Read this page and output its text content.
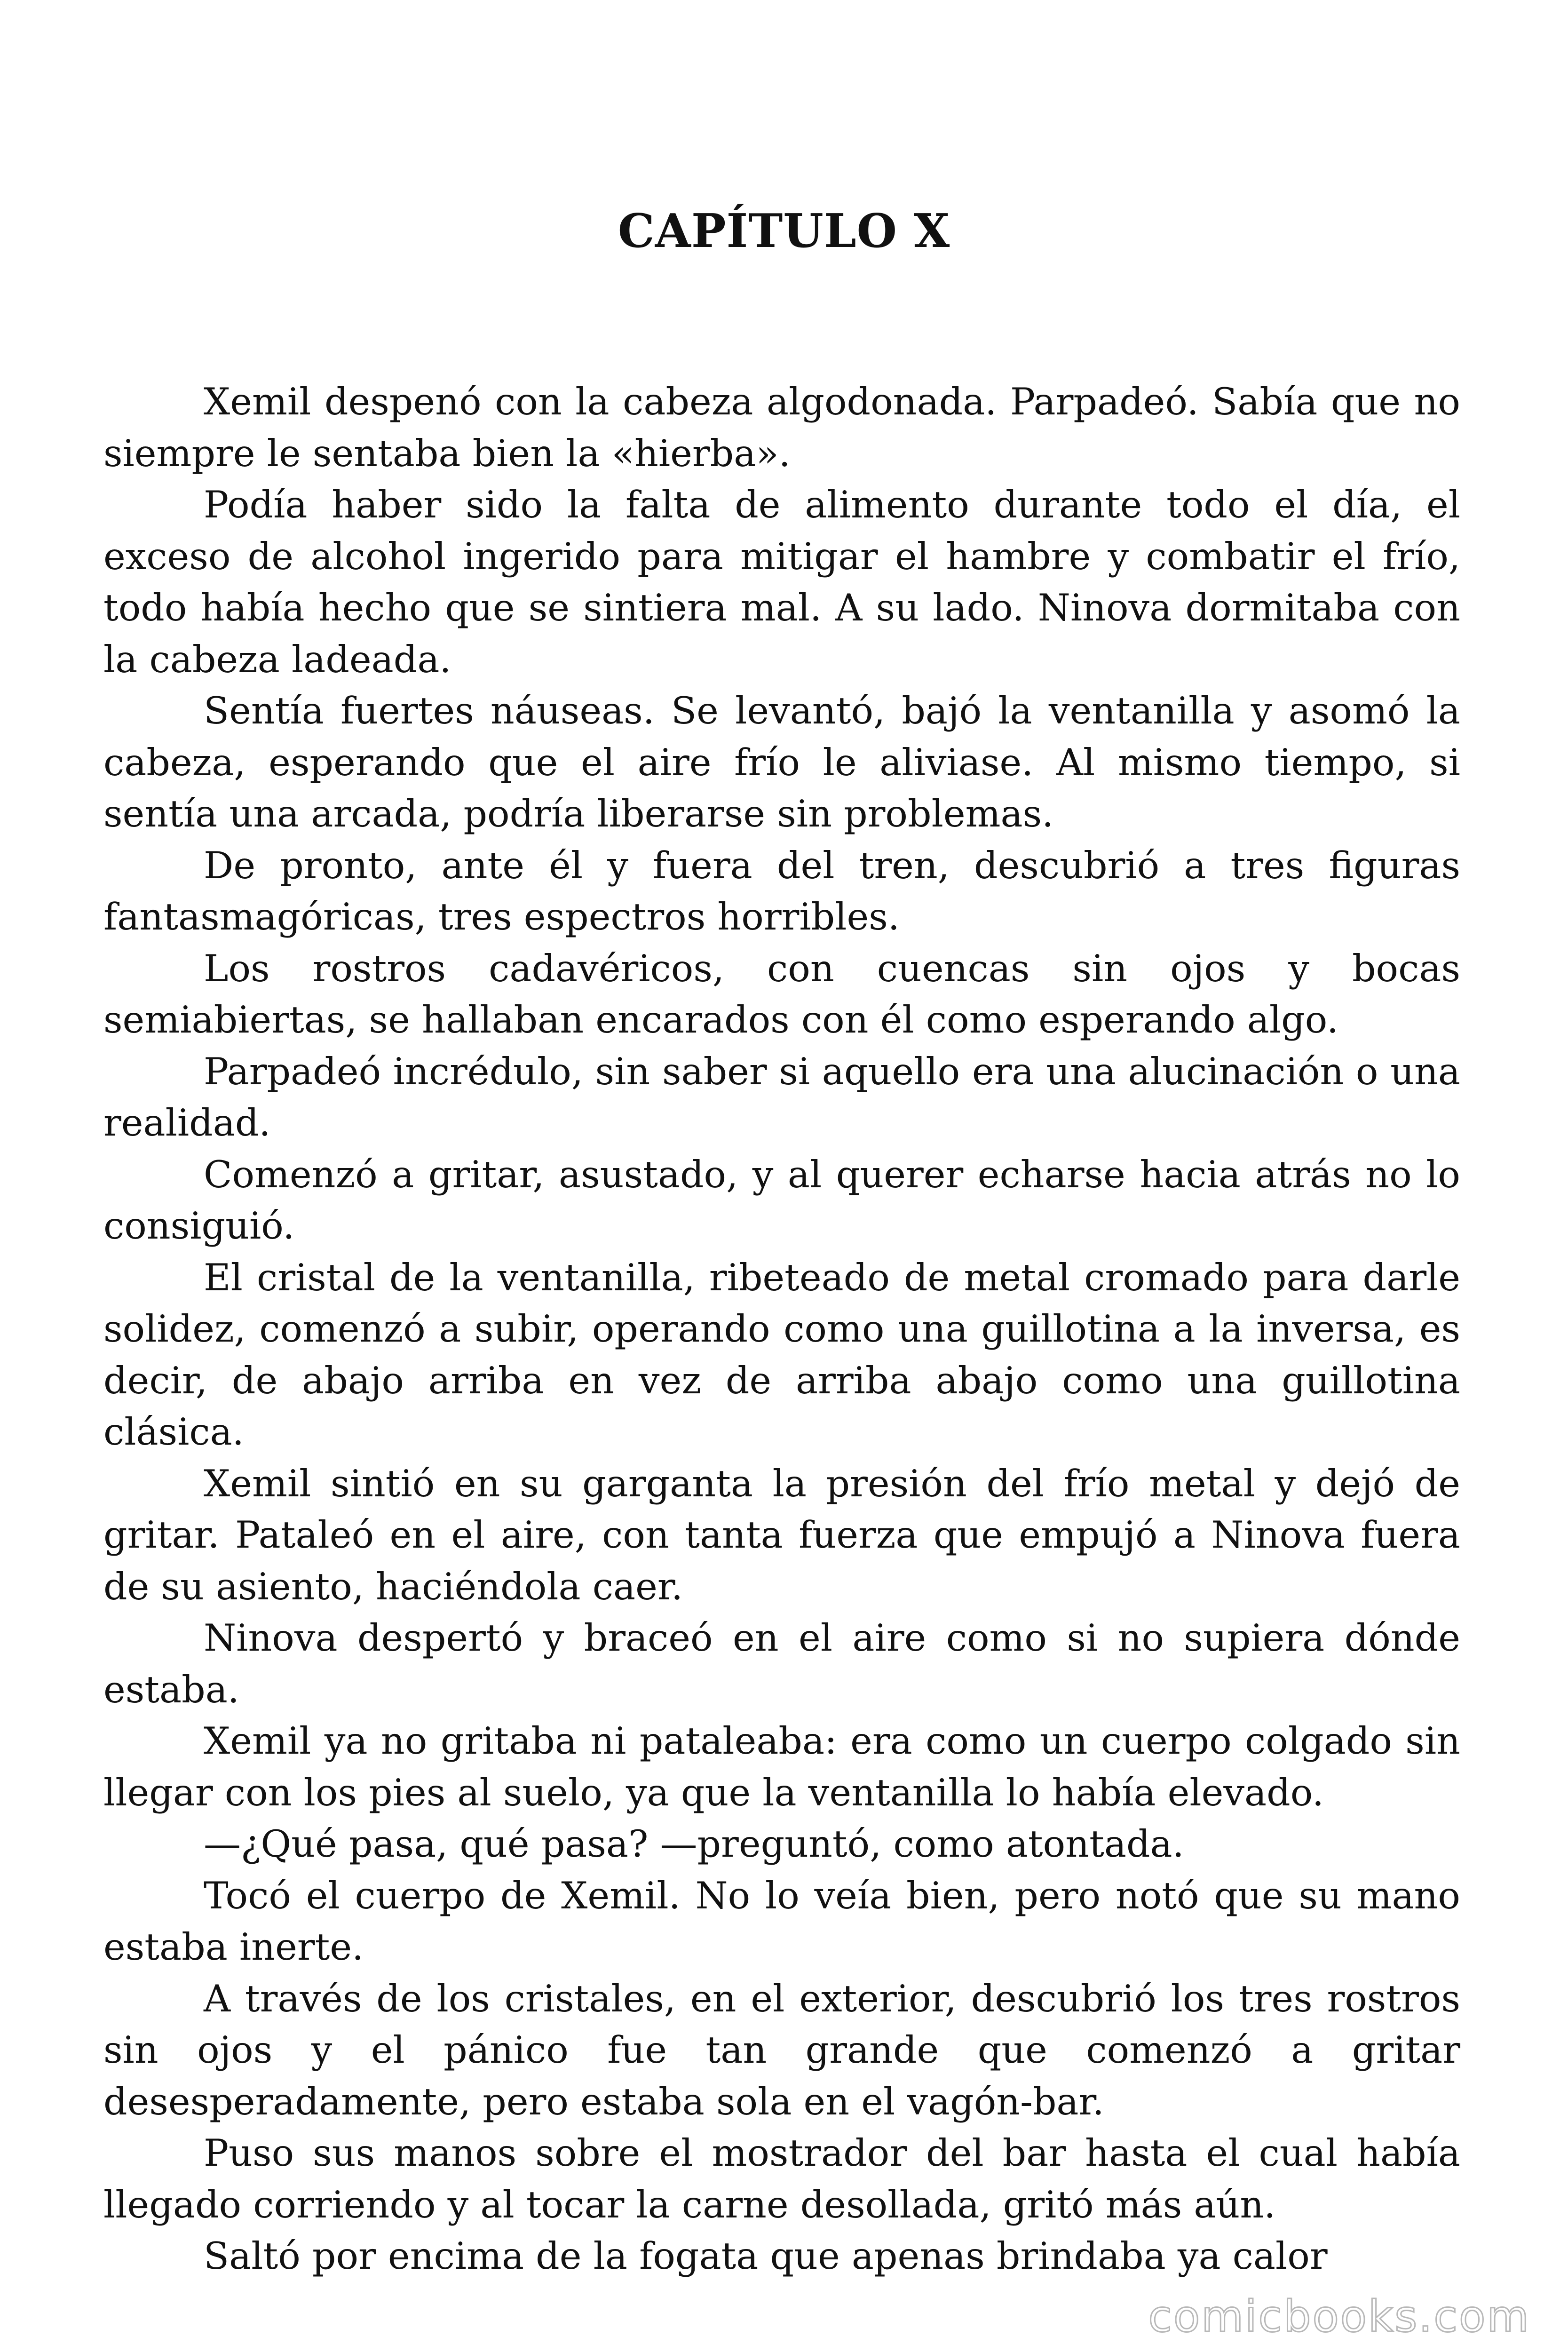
CAPÍTULO X

Xemil despenó con la cabeza algodonada. Parpadeó. Sabía que no siempre le sentaba bien la «hierba».

Podía haber sido la falta de alimento durante todo el día, el exceso de alcohol ingerido para mitigar el hambre y combatir el frío, todo había hecho que se sintiera mal. A su lado. Ninova dormitaba con la cabeza ladeada.

Sentía fuertes náuseas. Se levantó, bajó la ventanilla y asomó la cabeza, esperando que el aire frío le aliviase. Al mismo tiempo, si sentía una arcada, podría liberarse sin problemas.

De pronto, ante él y fuera del tren, descubrió a tres figuras fantasmagóricas, tres espectros horribles.

Los rostros cadavéricos, con cuencas sin ojos y bocas semiabiertas, se hallaban encarados con él como esperando algo.

Parpadeó incrédulo, sin saber si aquello era una alucinación o una realidad.

Comenzó a gritar, asustado, y al querer echarse hacia atrás no lo consiguió.

El cristal de la ventanilla, ribeteado de metal cromado para darle solidez, comenzó a subir, operando como una guillotina a la inversa, es decir, de abajo arriba en vez de arriba abajo como una guillotina clásica.

Xemil sintió en su garganta la presión del frío metal y dejó de gritar. Pataleó en el aire, con tanta fuerza que empujó a Ninova fuera de su asiento, haciéndola caer.

Ninova despertó y braceó en el aire como si no supiera dónde estaba.

Xemil ya no gritaba ni pataleaba: era como un cuerpo colgado sin llegar con los pies al suelo, ya que la ventanilla lo había elevado.

—¿Qué pasa, qué pasa? —preguntó, como atontada.

Tocó el cuerpo de Xemil. No lo veía bien, pero notó que su mano estaba inerte.

A través de los cristales, en el exterior, descubrió los tres rostros sin ojos y el pánico fue tan grande que comenzó a gritar desesperadamente, pero estaba sola en el vagón-bar.

Puso sus manos sobre el mostrador del bar hasta el cual había llegado corriendo y al tocar la carne desollada, gritó más aún.

Saltó por encima de la fogata que apenas brindaba ya calor

comicbooks.com
